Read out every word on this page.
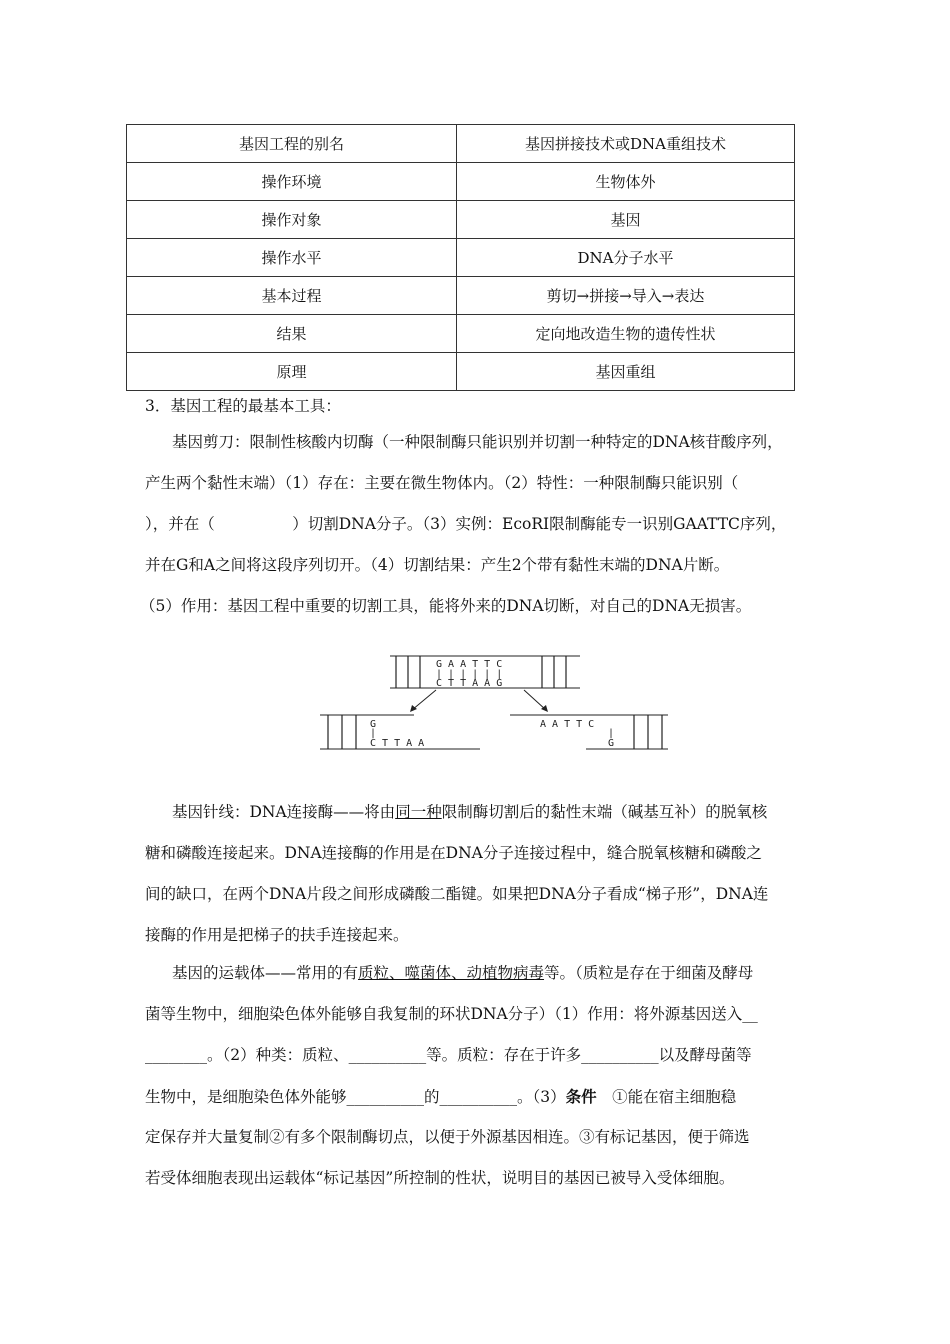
基因工程的别名	基因拼接技术或DNA重组技术
操作环境	生物体外
操作对象	基因
操作水平	DNA分子水平
基本过程	剪切→拼接→导入→表达
结果	定向地改造生物的遗传性状
原理	基因重组

3．基因工程的最基本工具：

基因剪刀：限制性核酸内切酶（一种限制酶只能识别并切割一种特定的DNA核苷酸序列，

产生两个黏性末端）（1）存在：主要在微生物体内。（2）特性：一种限制酶只能识别（

），并在（　　　　　）切割DNA分子。（3）实例：EcoRI限制酶能专一识别GAATTC序列，

并在G和A之间将这段序列切开。（4）切割结果：产生2个带有黏性末端的DNA片断。

（5）作用：基因工程中重要的切割工具，能将外来的DNA切断，对自己的DNA无损害。

G A A T T C
C T T A A G
| | | | | |
G
|
C T T A A
A A T T C
|
G

基因针线：DNA连接酶——将由同一种限制酶切割后的黏性末端（碱基互补）的脱氧核

糖和磷酸连接起来。DNA连接酶的作用是在DNA分子连接过程中，缝合脱氧核糖和磷酸之

间的缺口，在两个DNA片段之间形成磷酸二酯键。如果把DNA分子看成“梯子形”，DNA连

接酶的作用是把梯子的扶手连接起来。

基因的运载体——常用的有质粒、噬菌体、动植物病毒等。（质粒是存在于细菌及酵母

菌等生物中，细胞染色体外能够自我复制的环状DNA分子）（1）作用：将外源基因送入__

________。（2）种类：质粒、__________等。质粒：存在于许多__________以及酵母菌等

生物中，是细胞染色体外能够__________的__________。（3）条件　①能在宿主细胞稳

定保存并大量复制②有多个限制酶切点，以便于外源基因相连。③有标记基因，便于筛选

若受体细胞表现出运载体“标记基因”所控制的性状，说明目的基因已被导入受体细胞。
